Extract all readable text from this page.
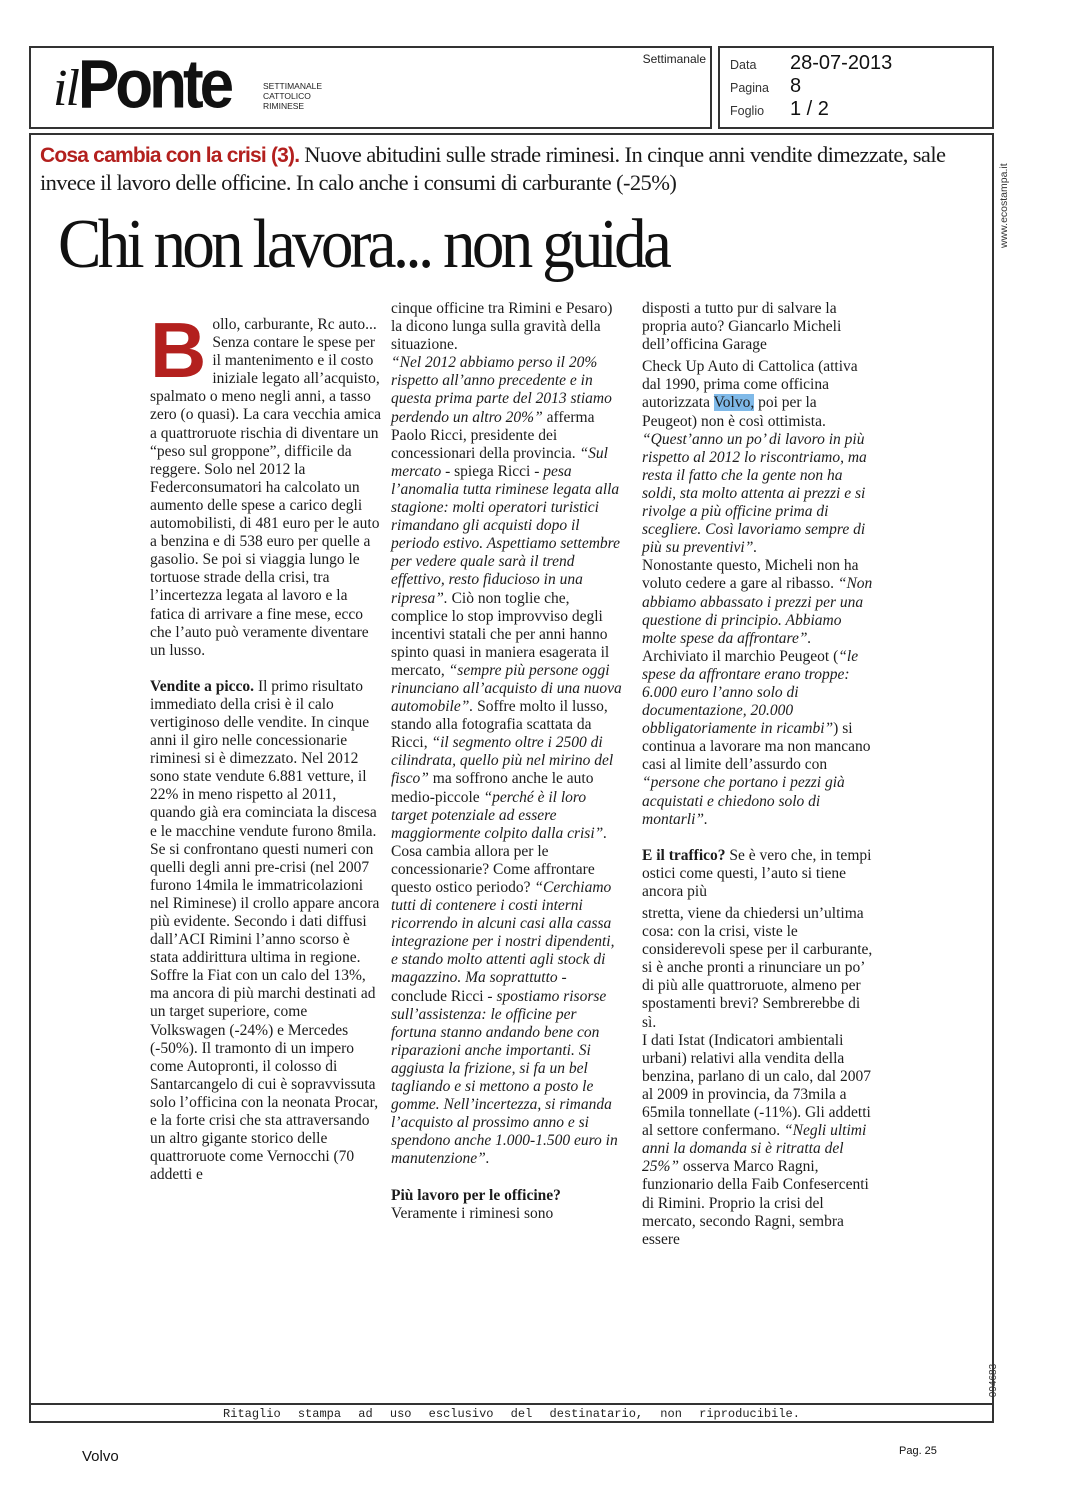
il Ponte	SETTIMANALE
CATTOLICO
RIMINESE
Settimanale Data	28-07-2013
Pagina	8
Foglio	1 / 2
Cosa cambia con la crisi (3). Nuove abitudini sulle strade riminesi. In cinque anni vendite dimezzate, sale invece il lavoro delle officine. In calo anche i consumi di carburante (-25%)
Chi non lavora... non guida

Bollo, carburante, Rc auto... Senza contare le spese per il mantenimento e il costo iniziale legato all’acquisto, spalmato o meno negli anni, a tasso zero (o quasi). La cara vecchia amica a quattroruote rischia di diventare un “peso sul groppone”, difficile da reggere. Solo nel 2012 la Federconsumatori ha calcolato un aumento delle spese a carico degli automobilisti, di 481 euro per le auto a benzina e di 538 euro per quelle a gasolio. Se poi si viaggia lungo le tortuose strade della crisi, tra l’incertezza legata al lavoro e la fatica di arrivare a fine mese, ecco che l’auto può veramente diventare un lusso.

Vendite a picco. Il primo risultato immediato della crisi è il calo vertiginoso delle vendite. In cinque anni il giro nelle concessionarie riminesi si è dimezzato. Nel 2012 sono state vendute 6.881 vetture, il 22% in meno rispetto al 2011, quando già era cominciata la discesa e le macchine vendute furono 8mila. Se si confrontano questi numeri con quelli degli anni pre-crisi (nel 2007 furono 14mila le immatricolazioni nel Riminese) il crollo appare ancora più evidente. Secondo i dati diffusi dall’ACI Rimini l’anno scorso è stata addirittura ultima in regione. Soffre la Fiat con un calo del 13%, ma ancora di più marchi destinati ad un target superiore, come Volkswagen (-24%) e Mercedes (-50%). Il tramonto di un impero come Autopronti, il colosso di Santarcangelo di cui è sopravvissuta solo l’officina con la neonata Procar, e la forte crisi che sta attraversando un altro gigante storico delle quattroruote come Vernocchi (70 addetti e

cinque officine tra Rimini e Pesaro) la dicono lunga sulla gravità della situazione.

“Nel 2012 abbiamo perso il 20% rispetto all’anno precedente e in questa prima parte del 2013 stiamo perdendo un altro 20%” afferma Paolo Ricci, presidente dei concessionari della provincia. “Sul mercato - spiega Ricci - pesa l’anomalia tutta riminese legata alla stagione: molti operatori turistici rimandano gli acquisti dopo il periodo estivo. Aspettiamo settembre per vedere quale sarà il trend effettivo, resto fiducioso in una ripresa”. Ciò non toglie che, complice lo stop improvviso degli incentivi statali che per anni hanno spinto quasi in maniera esagerata il mercato, “sempre più persone oggi rinunciano all’acquisto di una nuova automobile”. Soffre molto il lusso, stando alla fotografia scattata da Ricci, “il segmento oltre i 2500 di cilindrata, quello più nel mirino del fisco” ma soffrono anche le auto medio-piccole “perché è il loro target potenziale ad essere maggiormente colpito dalla crisi”.

Cosa cambia allora per le concessionarie? Come affrontare questo ostico periodo? “Cerchiamo tutti di contenere i costi interni ricorrendo in alcuni casi alla cassa integrazione per i nostri dipendenti, e stando molto attenti agli stock di magazzino. Ma soprattutto - conclude Ricci - spostiamo risorse sull’assistenza: le officine per fortuna stanno andando bene con riparazioni anche importanti. Si aggiusta la frizione, si fa un bel tagliando e si mettono a posto le gomme. Nell’incertezza, si rimanda l’acquisto al prossimo anno e si spendono anche 1.000-1.500 euro in manutenzione”.

Più lavoro per le officine?
Veramente i riminesi sono

disposti a tutto pur di salvare la propria auto? Giancarlo Micheli dell’officina Garage

Check Up Auto di Cattolica (attiva dal 1990, prima come officina autorizzata Volvo, poi per la Peugeot) non è così ottimista. “Quest’anno un po’ di lavoro in più rispetto al 2012 lo riscontriamo, ma resta il fatto che la gente non ha soldi, sta molto attenta ai prezzi e si rivolge a più officine prima di scegliere. Così lavoriamo sempre di più su preventivi”.

Nonostante questo, Micheli non ha voluto cedere a gare al ribasso. “Non abbiamo abbassato i prezzi per una questione di principio. Abbiamo molte spese da affrontare”. Archiviato il marchio Peugeot (“le spese da affrontare erano troppe: 6.000 euro l’anno solo di documentazione, 20.000 obbligatoriamente in ricambi”) si continua a lavorare ma non mancano casi al limite dell’assurdo con “persone che portano i pezzi già acquistati e chiedono solo di montarli”.

E il traffico? Se è vero che, in tempi ostici come questi, l’auto si tiene ancora più

stretta, viene da chiedersi un’ultima cosa: con la crisi, viste le considerevoli spese per il carburante, si è anche pronti a rinunciare un po’ di più alle quattroruote, almeno per spostamenti brevi? Sembrerebbe di sì.

I dati Istat (Indicatori ambientali urbani) relativi alla vendita della benzina, parlano di un calo, dal 2007 al 2009 in provincia, da 73mila a 65mila tonnellate (-11%). Gli addetti al settore confermano. “Negli ultimi anni la domanda si è ritratta del 25%” osserva Marco Ragni, funzionario della Faib Confesercenti di Rimini. Proprio la crisi del mercato, secondo Ragni, sembra essere

Ritaglio stampa ad uso esclusivo del destinatario, non riproducibile.
www.ecostampa.it
094683
Volvo	Pag. 25
